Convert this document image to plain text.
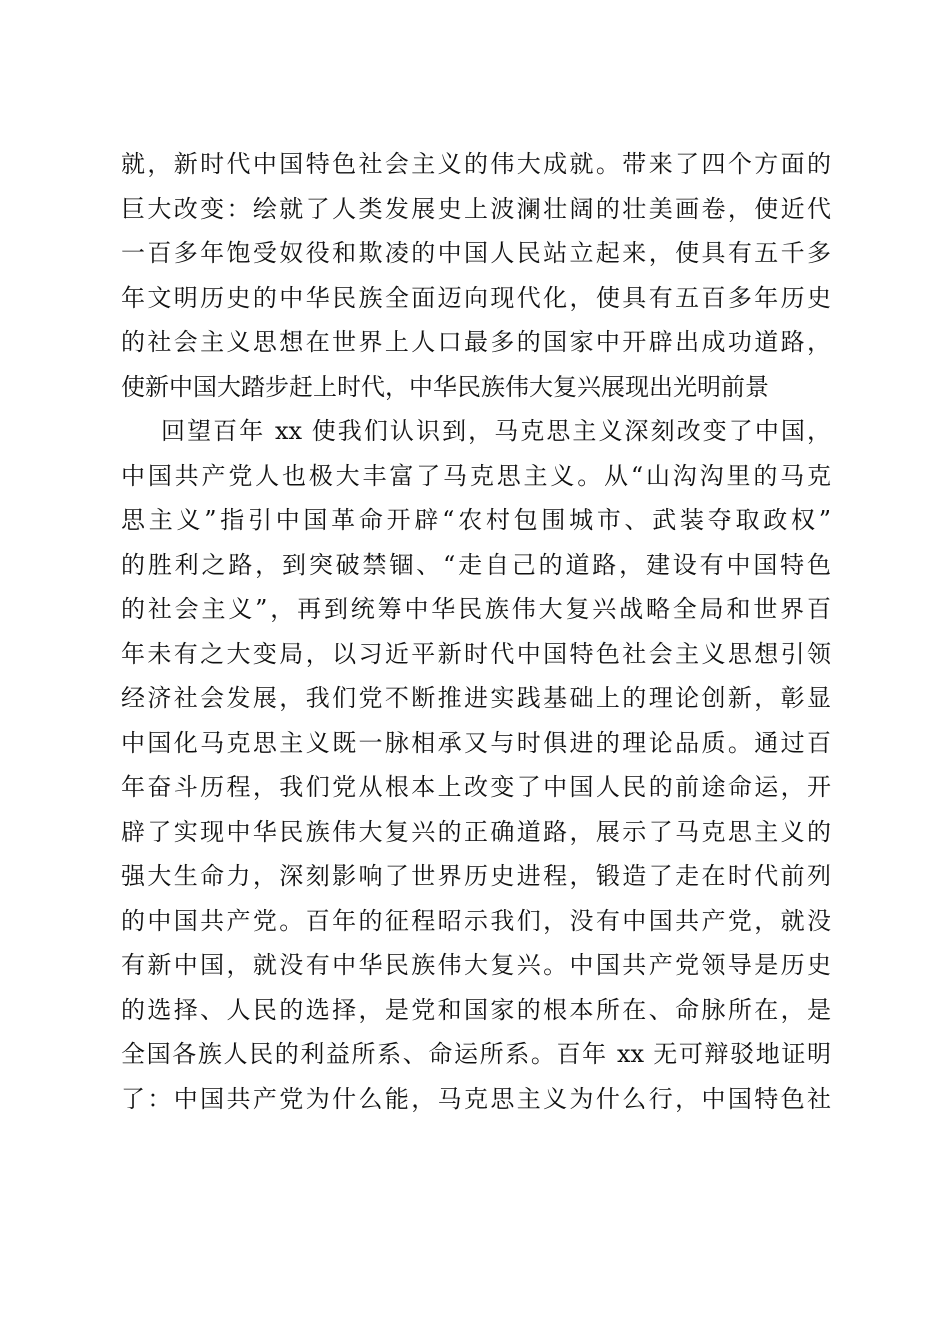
就，新时代中国特色社会主义的伟大成就。带来了四个方面的
巨大改变：绘就了人类发展史上波澜壮阔的壮美画卷，使近代
一百多年饱受奴役和欺凌的中国人民站立起来，使具有五千多
年文明历史的中华民族全面迈向现代化，使具有五百多年历史
的社会主义思想在世界上人口最多的国家中开辟出成功道路，
使新中国大踏步赶上时代，中华民族伟大复兴展现出光明前景
回望百年 xx 使我们认识到，马克思主义深刻改变了中国，
中国共产党人也极大丰富了马克思主义。从“山沟沟里的马克
思主义”指引中国革命开辟“农村包围城市、武装夺取政权”
的胜利之路，到突破禁锢、“走自己的道路，建设有中国特色
的社会主义”，再到统筹中华民族伟大复兴战略全局和世界百
年未有之大变局，以习近平新时代中国特色社会主义思想引领
经济社会发展，我们党不断推进实践基础上的理论创新，彰显
中国化马克思主义既一脉相承又与时俱进的理论品质。通过百
年奋斗历程，我们党从根本上改变了中国人民的前途命运，开
辟了实现中华民族伟大复兴的正确道路，展示了马克思主义的
强大生命力，深刻影响了世界历史进程，锻造了走在时代前列
的中国共产党。百年的征程昭示我们，没有中国共产党，就没
有新中国，就没有中华民族伟大复兴。中国共产党领导是历史
的选择、人民的选择，是党和国家的根本所在、命脉所在，是
全国各族人民的利益所系、命运所系。百年 xx 无可辩驳地证明
了：中国共产党为什么能，马克思主义为什么行，中国特色社
